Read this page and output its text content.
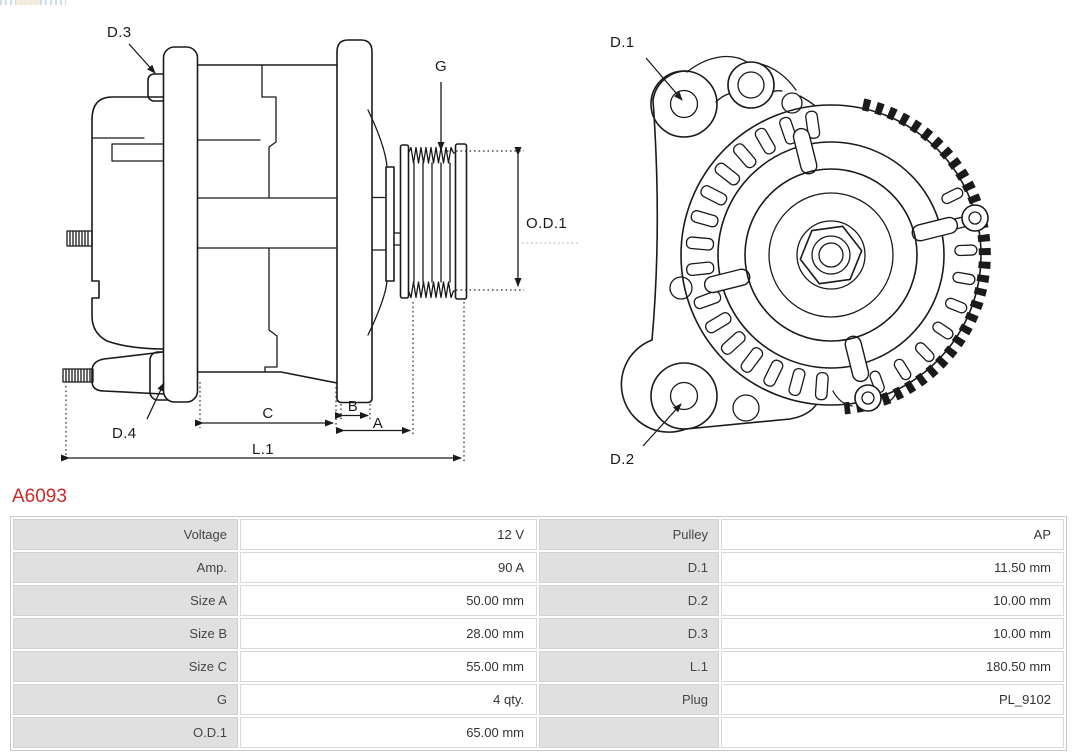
D.3
D.4
G
O.D.1
C	B
A
L.1
D.1
D.2
A6093
Voltage	12 V	Pulley	AP
Amp.	90 A	D.1	11.50 mm
Size A	50.00 mm	D.2	10.00 mm
Size B	28.00 mm	D.3	10.00 mm
Size C	55.00 mm	L.1	180.50 mm
G	4 qty.	Plug	PL_9102
O.D.1	65.00 mm		
